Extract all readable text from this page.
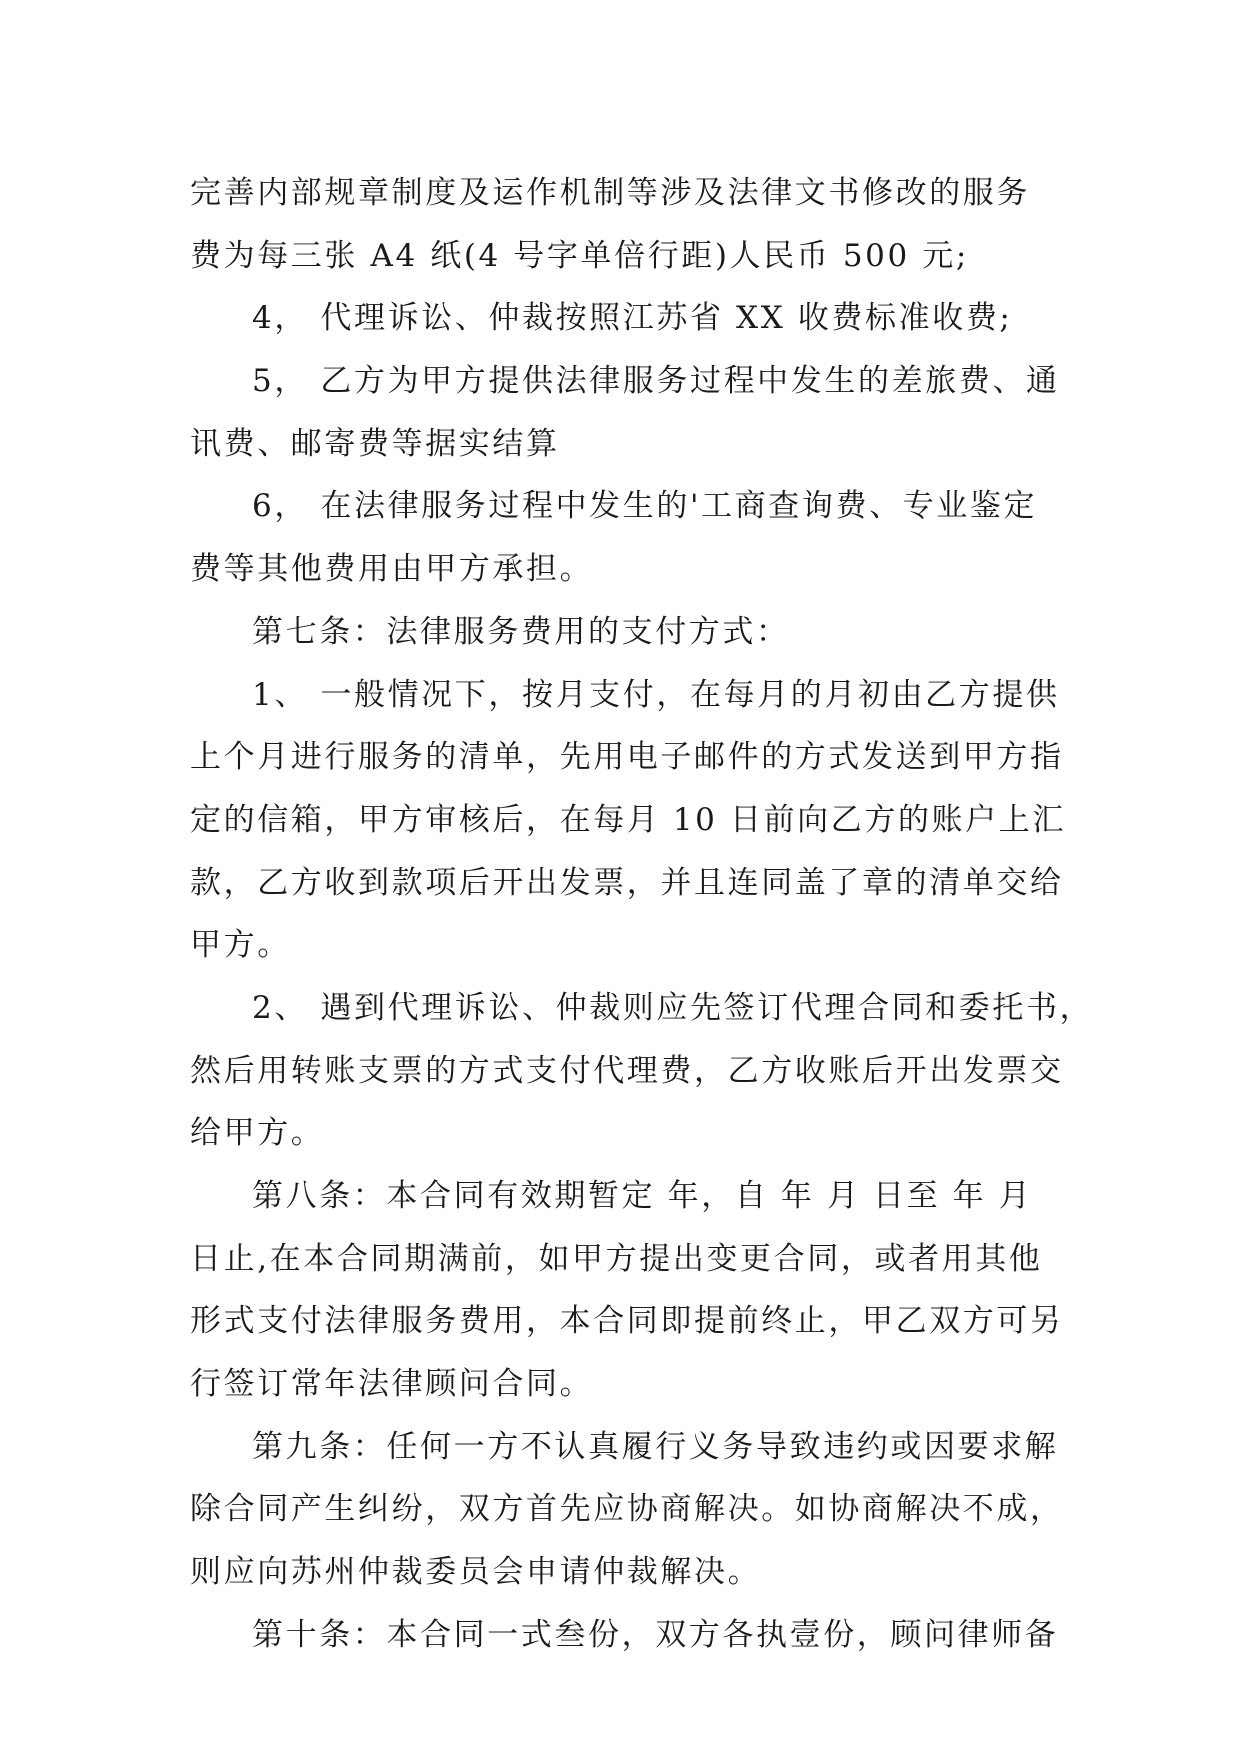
完善内部规章制度及运作机制等涉及法律文书修改的服务
费为每三张 A4 纸(4 号字单倍行距)人民币 500 元;
4， 代理诉讼、仲裁按照江苏省 XX 收费标准收费;
5， 乙方为甲方提供法律服务过程中发生的差旅费、通
讯费、邮寄费等据实结算
6， 在法律服务过程中发生的'工商查询费、专业鉴定
费等其他费用由甲方承担。
第七条：法律服务费用的支付方式：
1、 一般情况下，按月支付，在每月的月初由乙方提供
上个月进行服务的清单，先用电子邮件的方式发送到甲方指
定的信箱，甲方审核后，在每月 10 日前向乙方的账户上汇
款，乙方收到款项后开出发票，并且连同盖了章的清单交给
甲方。
2、 遇到代理诉讼、仲裁则应先签订代理合同和委托书，
然后用转账支票的方式支付代理费，乙方收账后开出发票交
给甲方。
第八条：本合同有效期暂定 年，自 年 月 日至 年 月
日止,在本合同期满前，如甲方提出变更合同，或者用其他
形式支付法律服务费用，本合同即提前终止，甲乙双方可另
行签订常年法律顾问合同。
第九条：任何一方不认真履行义务导致违约或因要求解
除合同产生纠纷，双方首先应协商解决。如协商解决不成，
则应向苏州仲裁委员会申请仲裁解决。
第十条：本合同一式叁份，双方各执壹份，顾问律师备
